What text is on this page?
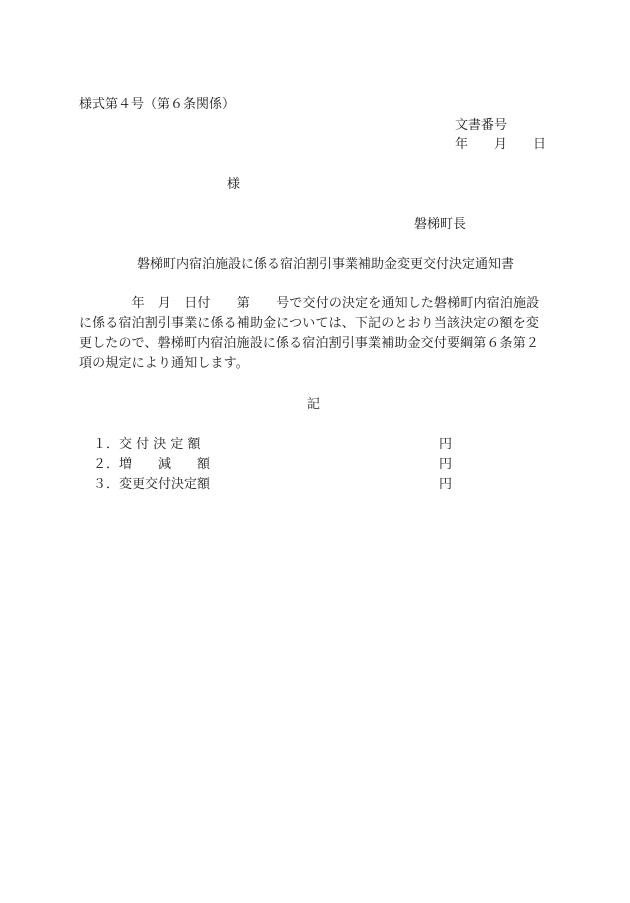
様式第４号（第６条関係）
文書番号
年　　月　　日
様
磐梯町長
磐梯町内宿泊施設に係る宿泊割引事業補助金変更交付決定通知書
　　　　年　月　日付　　第　　号で交付の決定を通知した磐梯町内宿泊施設
に係る宿泊割引事業に係る補助金については、下記のとおり当該決定の額を変
更したので、磐梯町内宿泊施設に係る宿泊割引事業補助金交付要綱第６条第２
項の規定により通知します。
記
１．交 付 決 定 額	円
２．増　　減　　額	円
３．変更交付決定額	円
